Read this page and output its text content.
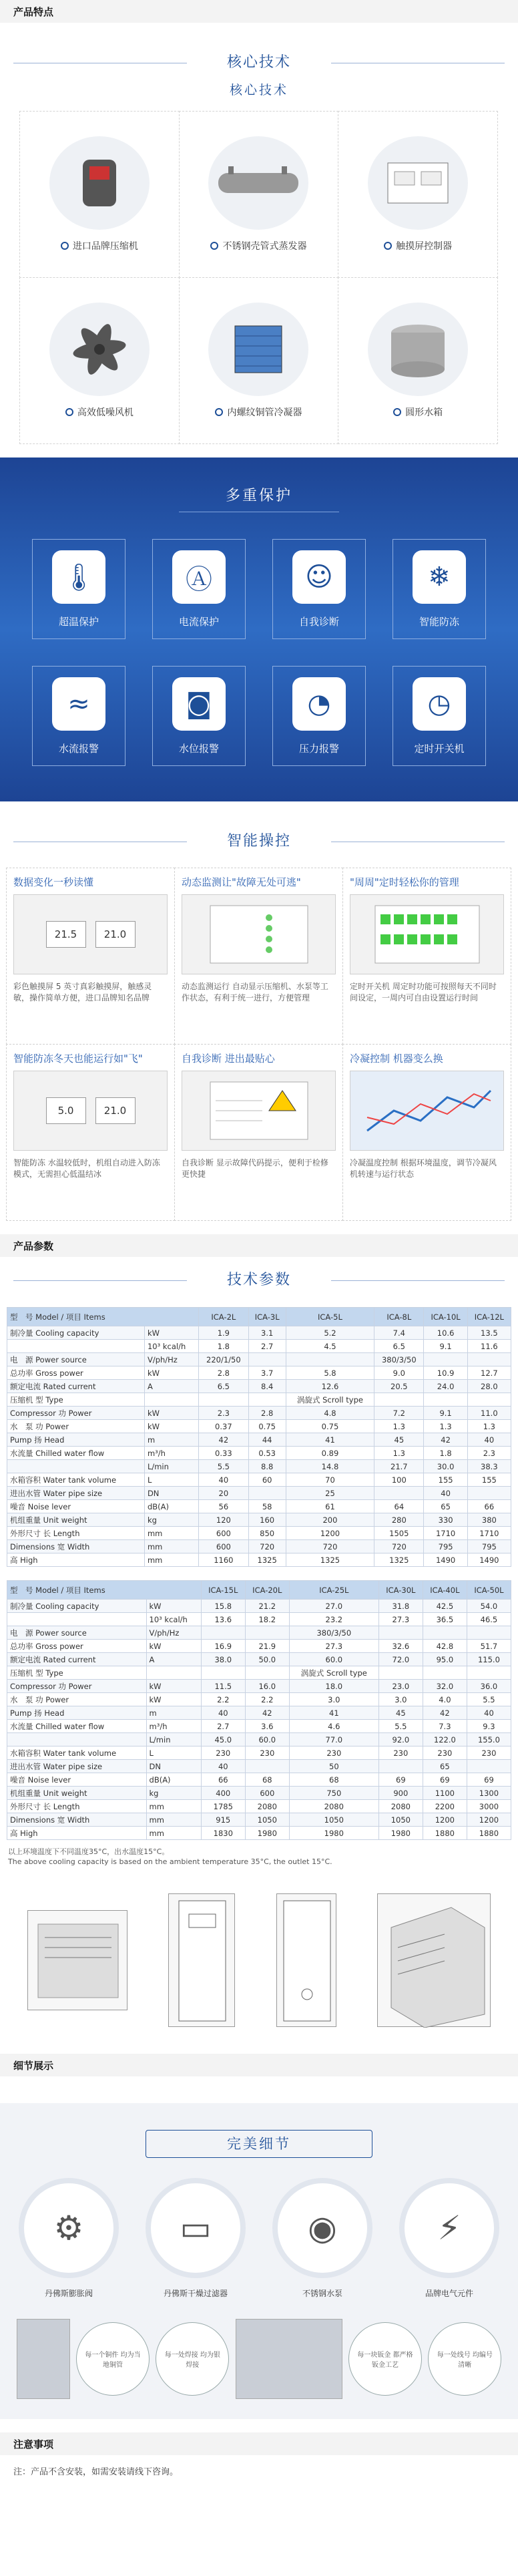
产品特点
核心技术
核心技术
进口品牌压缩机	不锈钢壳管式蒸发器	触摸屏控制器
高效低噪风机	内螺纹铜管冷凝器	圆形水箱
多重保护
🌡
超温保护
Ⓐ
电流保护
☺
自我诊断
❄
智能防冻
≈
水流报警
◙
水位报警
◔
压力报警
◷
定时开关机
智能操控
数据变化一秒读懂
21.5	21.0
彩色触摸屏 5 英寸真彩触摸屏，触感灵敏，操作简单方便，进口品牌知名品牌
动态监测让"故障无处可逃"
动态监测运行 自动显示压缩机、水泵等工作状态，有利于统一进行，方便管理
"周周"定时轻松你的管理
定时开关机 周定时功能可按照每天不同时间设定，一周内可自由设置运行时间
智能防冻冬天也能运行如"飞"
5.0	21.0
智能防冻 水温较低时，机组自动进入防冻模式，无需担心低温结冰
自我诊断 进出最贴心
自我诊断 显示故障代码提示，便利于检修更快捷
冷凝控制 机器变么换
冷凝温度控制 根据环境温度，调节冷凝风机转速与运行状态
产品参数
技术参数
型　号 Model / 项目 Items		ICA-2L	ICA-3L	ICA-5L	ICA-8L	ICA-10L	ICA-12L
制冷量 Cooling capacity	kW	1.9	3.1	5.2	7.4	10.6	13.5
	10³ kcal/h	1.8	2.7	4.5	6.5	9.1	11.6
电　源 Power source	V/ph/Hz	220/1/50			380/3/50		
总功率 Gross power	kW	2.8	3.7	5.8	9.0	10.9	12.7
额定电流 Rated current	A	6.5	8.4	12.6	20.5	24.0	28.0
压缩机 型 Type				涡旋式 Scroll type			
Compressor 功 Power	kW	2.3	2.8	4.8	7.2	9.1	11.0
水　泵 功 Power	kW	0.37	0.75	0.75	1.3	1.3	1.3
Pump 扬 Head	m	42	44	41	45	42	40
水流量 Chilled water flow	m³/h	0.33	0.53	0.89	1.3	1.8	2.3
	L/min	5.5	8.8	14.8	21.7	30.0	38.3
水箱容积 Water tank volume	L	40	60	70	100	155	155
进出水管 Water pipe size	DN	20		25		40	
噪音 Noise lever	dB(A)	56	58	61	64	65	66
机组重量 Unit weight	kg	120	160	200	280	330	380
外形尺寸 长 Length	mm	600	850	1200	1505	1710	1710
Dimensions 宽 Width	mm	600	720	720	720	795	795
高 High	mm	1160	1325	1325	1325	1490	1490
型　号 Model / 项目 Items		ICA-15L	ICA-20L	ICA-25L	ICA-30L	ICA-40L	ICA-50L
制冷量 Cooling capacity	kW	15.8	21.2	27.0	31.8	42.5	54.0
	10³ kcal/h	13.6	18.2	23.2	27.3	36.5	46.5
电　源 Power source	V/ph/Hz			380/3/50			
总功率 Gross power	kW	16.9	21.9	27.3	32.6	42.8	51.7
额定电流 Rated current	A	38.0	50.0	60.0	72.0	95.0	115.0
压缩机 型 Type				涡旋式 Scroll type			
Compressor 功 Power	kW	11.5	16.0	18.0	23.0	32.0	36.0
水　泵 功 Power	kW	2.2	2.2	3.0	3.0	4.0	5.5
Pump 扬 Head	m	40	42	41	45	42	40
水流量 Chilled water flow	m³/h	2.7	3.6	4.6	5.5	7.3	9.3
	L/min	45.0	60.0	77.0	92.0	122.0	155.0
水箱容积 Water tank volume	L	230	230	230	230	230	230
进出水管 Water pipe size	DN	40		50		65	
噪音 Noise lever	dB(A)	66	68	68	69	69	69
机组重量 Unit weight	kg	400	600	750	900	1100	1300
外形尺寸 长 Length	mm	1785	2080	2080	2080	2200	3000
Dimensions 宽 Width	mm	915	1050	1050	1050	1200	1200
高 High	mm	1830	1980	1980	1980	1880	1880
以上环境温度下不同温度35°C，出水温度15°C。
The above cooling capacity is based on the ambient temperature 35°C, the outlet 15°C.
细节展示
完美细节
⚙
丹佛斯膨胀阀
▭
丹佛斯干燥过滤器
◉
不锈钢水泵
⚡
品牌电气元件
每一个铜件 均为当地铜管
每一处焊接 均为银焊接
每一块钣金 都严格钣金工艺
每一处线号 均编号清晰
注意事项
注：产品不含安装，如需安装请线下咨询。
